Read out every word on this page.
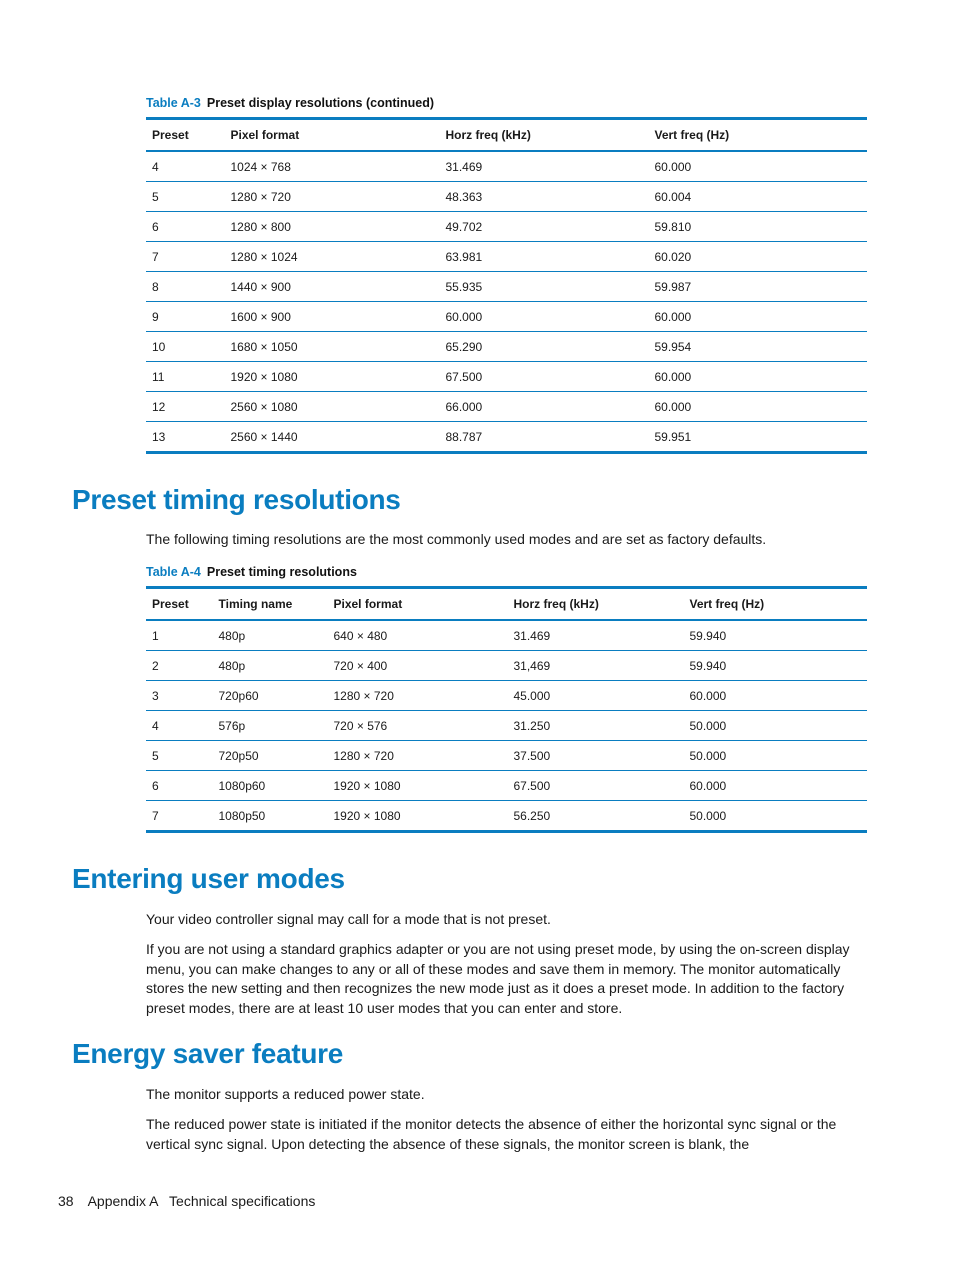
Table A-3 Preset display resolutions (continued)
Preset	Pixel format	Horz freq (kHz)	Vert freq (Hz)
4	1024 × 768	31.469	60.000
5	1280 × 720	48.363	60.004
6	1280 × 800	49.702	59.810
7	1280 × 1024	63.981	60.020
8	1440 × 900	55.935	59.987
9	1600 × 900	60.000	60.000
10	1680 × 1050	65.290	59.954
11	1920 × 1080	67.500	60.000
12	2560 × 1080	66.000	60.000
13	2560 × 1440	88.787	59.951
Preset timing resolutions

The following timing resolutions are the most commonly used modes and are set as factory defaults.

Table A-4 Preset timing resolutions
Preset	Timing name	Pixel format	Horz freq (kHz)	Vert freq (Hz)
1	480p	640 × 480	31.469	59.940
2	480p	720 × 400	31,469	59.940
3	720p60	1280 × 720	45.000	60.000
4	576p	720 × 576	31.250	50.000
5	720p50	1280 × 720	37.500	50.000
6	1080p60	1920 × 1080	67.500	60.000
7	1080p50	1920 × 1080	56.250	50.000
Entering user modes

Your video controller signal may call for a mode that is not preset.

If you are not using a standard graphics adapter or you are not using preset mode, by using the on-screen display menu, you can make changes to any or all of these modes and save them in memory. The monitor automatically stores the new setting and then recognizes the new mode just as it does a preset mode. In addition to the factory preset modes, there are at least 10 user modes that you can enter and store.

Energy saver feature

The monitor supports a reduced power state.

The reduced power state is initiated if the monitor detects the absence of either the horizontal sync signal or the vertical sync signal. Upon detecting the absence of these signals, the monitor screen is blank, the

38 Appendix A   Technical specifications
